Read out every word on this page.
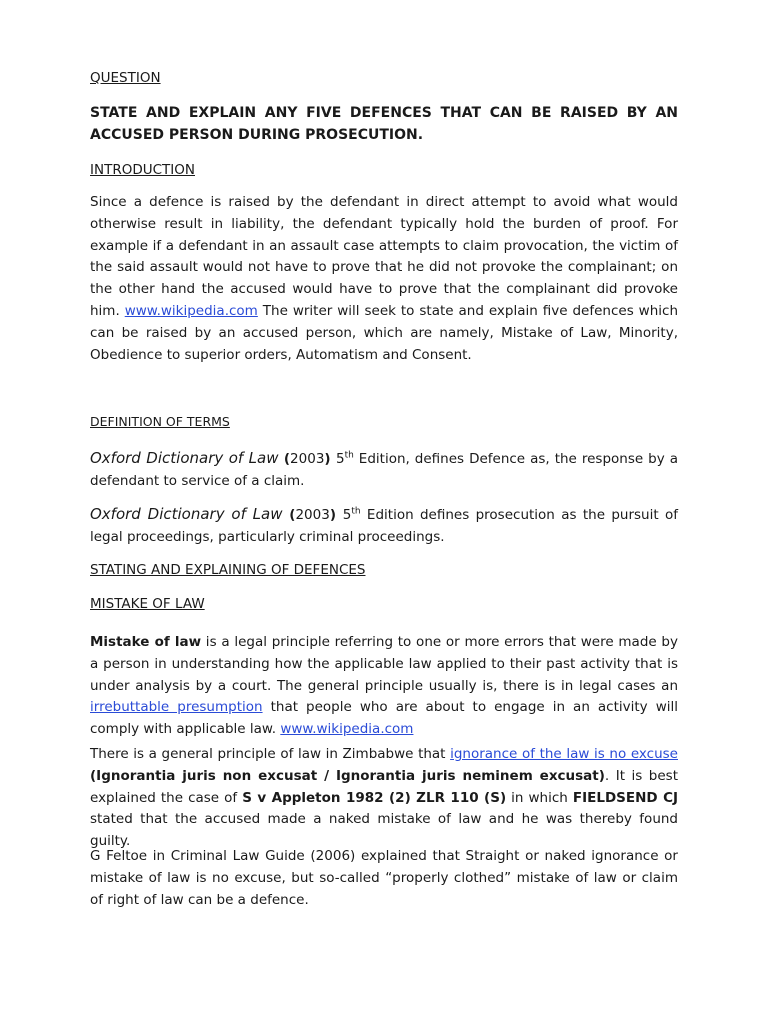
QUESTION

STATE AND EXPLAIN ANY FIVE DEFENCES THAT CAN BE RAISED BY AN ACCUSED PERSON DURING PROSECUTION.

INTRODUCTION

Since a defence is raised by the defendant in direct attempt to avoid what would otherwise result in liability, the defendant typically hold the burden of proof. For example if a defendant in an assault case attempts to claim provocation, the victim of the said assault would not have to prove that he did not provoke the complainant; on the other hand the accused would have to prove that the complainant did provoke him. www.wikipedia.com The writer will seek to state and explain five defences which can be raised by an accused person, which are namely, Mistake of Law, Minority, Obedience to superior orders, Automatism and Consent.

DEFINITION OF TERMS

Oxford Dictionary of Law (2003) 5th Edition, defines Defence as, the response by a defendant to service of a claim.

Oxford Dictionary of Law (2003) 5th Edition defines prosecution as the pursuit of legal proceedings, particularly criminal proceedings.

STATING AND EXPLAINING OF DEFENCES

MISTAKE OF LAW

Mistake of law is a legal principle referring to one or more errors that were made by a person in understanding how the applicable law applied to their past activity that is under analysis by a court. The general principle usually is, there is in legal cases an irrebuttable presumption that people who are about to engage in an activity will comply with applicable law. www.wikipedia.com

There is a general principle of law in Zimbabwe that ignorance of the law is no excuse (Ignorantia juris non excusat / Ignorantia juris neminem excusat). It is best explained the case of S v Appleton 1982 (2) ZLR 110 (S) in which FIELDSEND CJ stated that the accused made a naked mistake of law and he was thereby found guilty.

G Feltoe in Criminal Law Guide (2006) explained that Straight or naked ignorance or mistake of law is no excuse, but so-called “properly clothed” mistake of law or claim of right of law can be a defence.
